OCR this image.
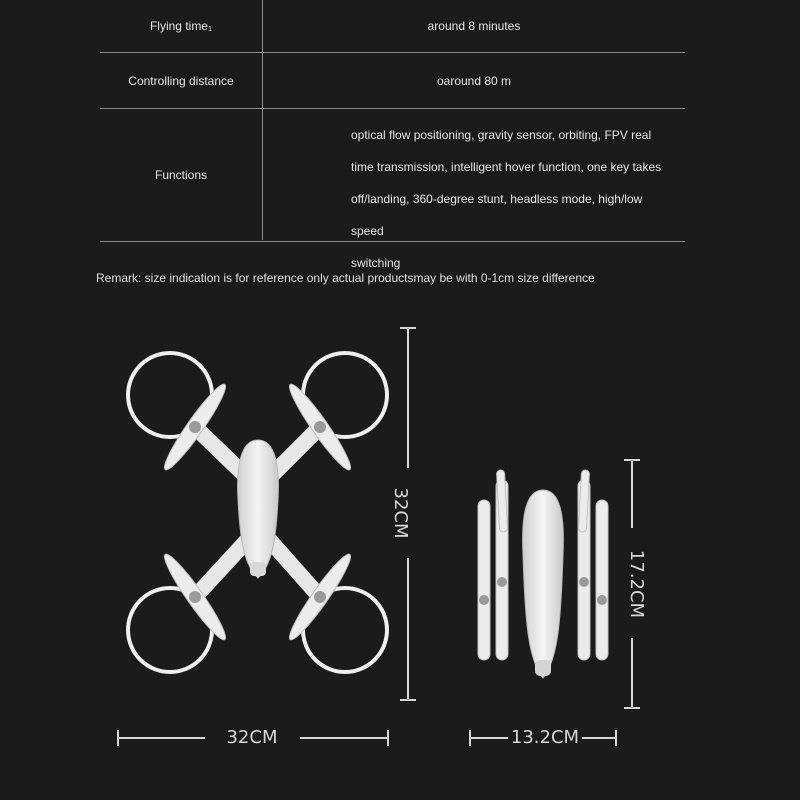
Flying time₁	around 8 minutes
Controlling distance	oaround 80 m
Functions
optical flow positioning, gravity sensor, orbiting, FPV real
time transmission, intelligent hover function, one key takes
off/landing, 360-degree stunt, headless mode, high/low speed
switching
Remark: size indication is for reference only actual productsmay be with 0-1cm size difference
32CM
32CM
17.2CM
13.2CM
